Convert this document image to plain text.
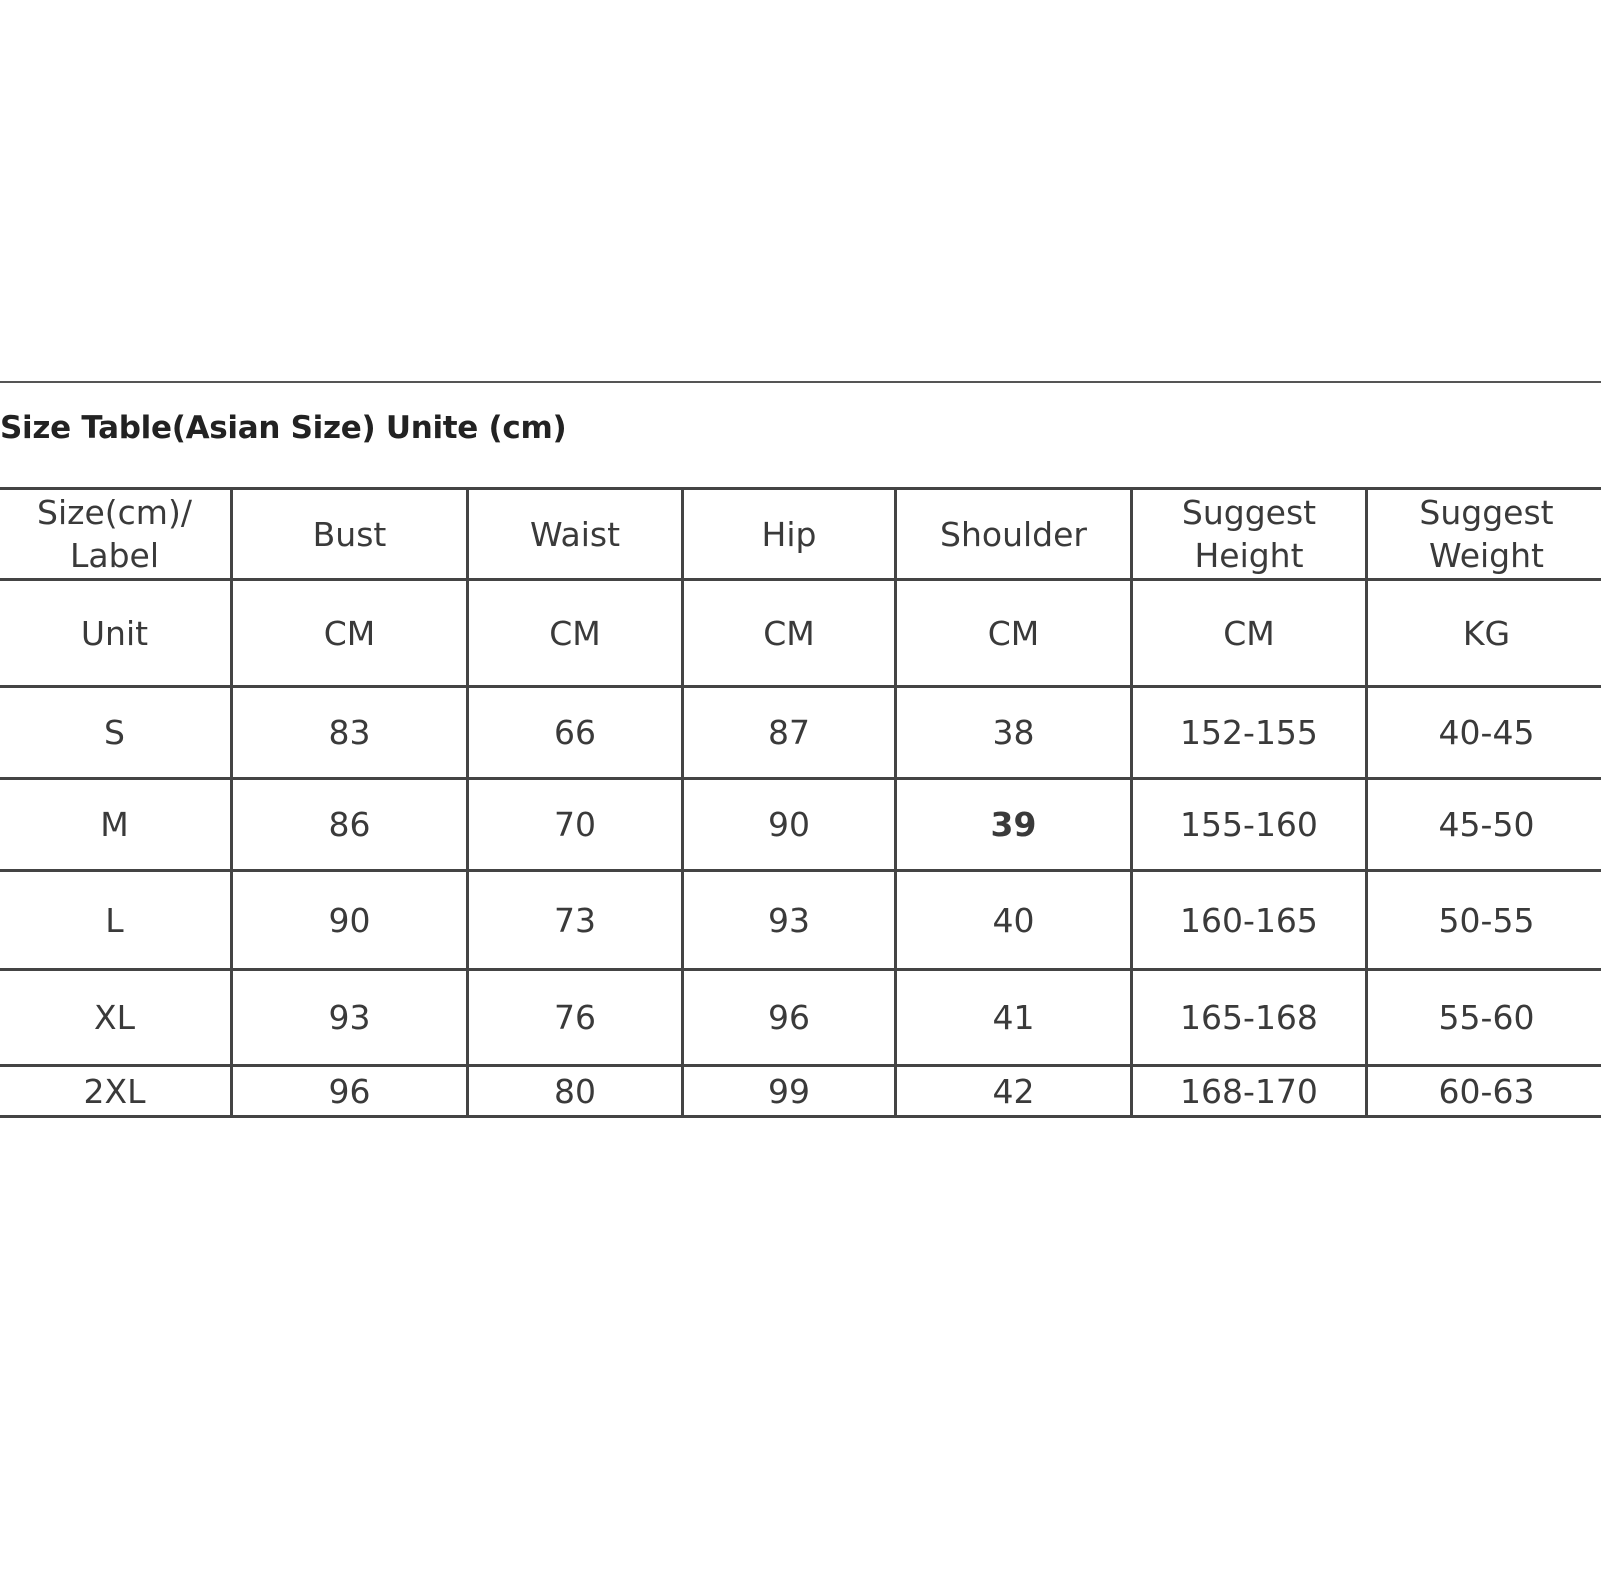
Size Table(Asian Size) Unite (cm)
Size(cm)/ Label	Bust	Waist	Hip	Shoulder	Suggest Height	Suggest Weight
Unit	CM	CM	CM	CM	CM	KG
S	83	66	87	38	152-155	40-45
M	86	70	90	39	155-160	45-50
L	90	73	93	40	160-165	50-55
XL	93	76	96	41	165-168	55-60
2XL	96	80	99	42	168-170	60-63
